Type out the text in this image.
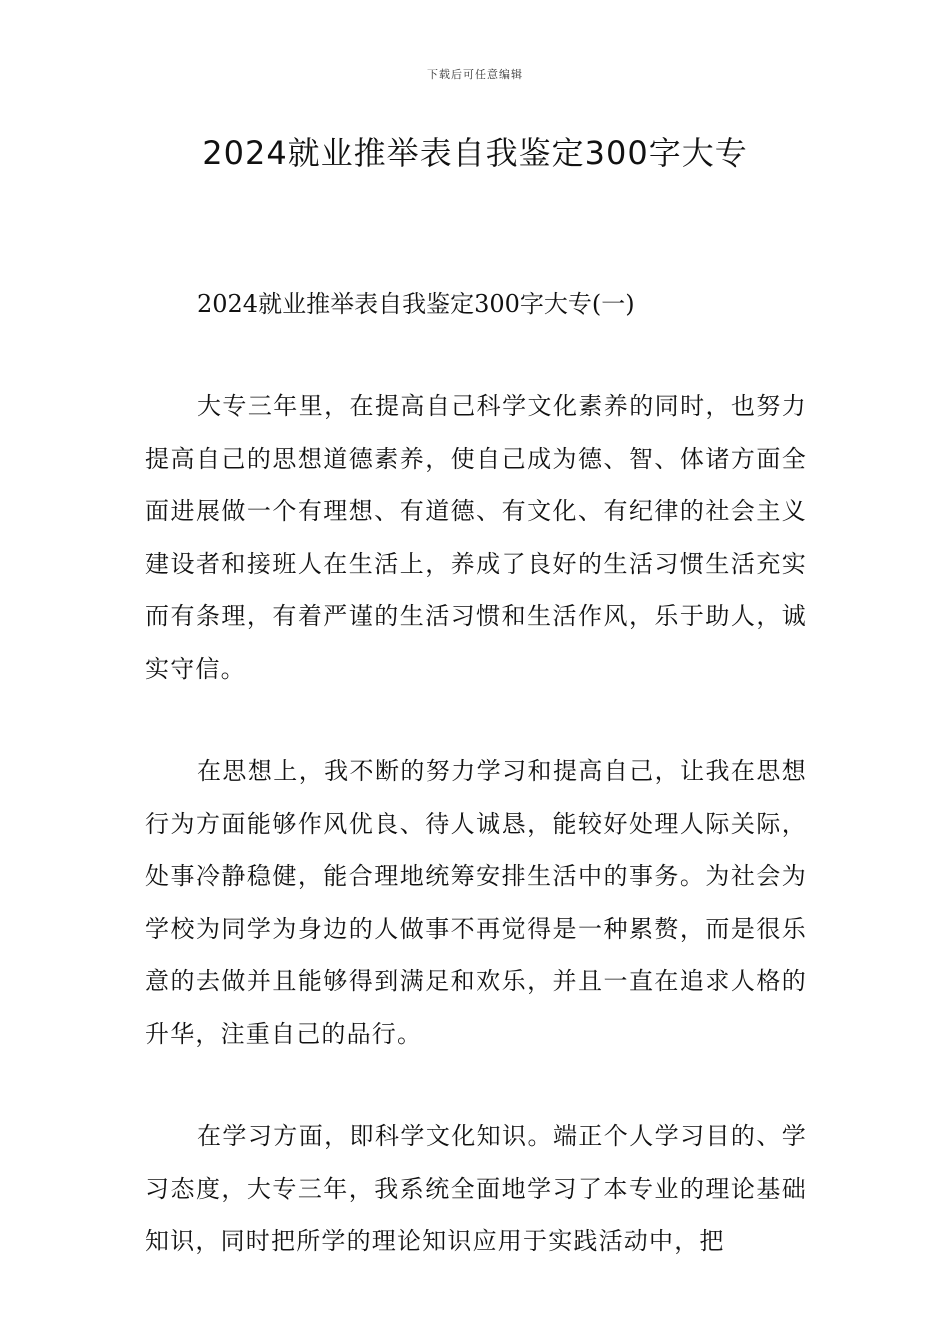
下载后可任意编辑
2024就业推举表自我鉴定300字大专

2024就业推举表自我鉴定300字大专(一)

大专三年里，在提高自己科学文化素养的同时，也努力提高自己的思想道德素养，使自己成为德、智、体诸方面全面进展做一个有理想、有道德、有文化、有纪律的社会主义建设者和接班人在生活上，养成了良好的生活习惯生活充实而有条理，有着严谨的生活习惯和生活作风，乐于助人，诚实守信。

在思想上，我不断的努力学习和提高自己，让我在思想行为方面能够作风优良、待人诚恳，能较好处理人际关际，处事冷静稳健，能合理地统筹安排生活中的事务。为社会为学校为同学为身边的人做事不再觉得是一种累赘，而是很乐意的去做并且能够得到满足和欢乐，并且一直在追求人格的升华，注重自己的品行。

在学习方面，即科学文化知识。端正个人学习目的、学习态度，大专三年，我系统全面地学习了本专业的理论基础知识，同时把所学的理论知识应用于实践活动中，把
